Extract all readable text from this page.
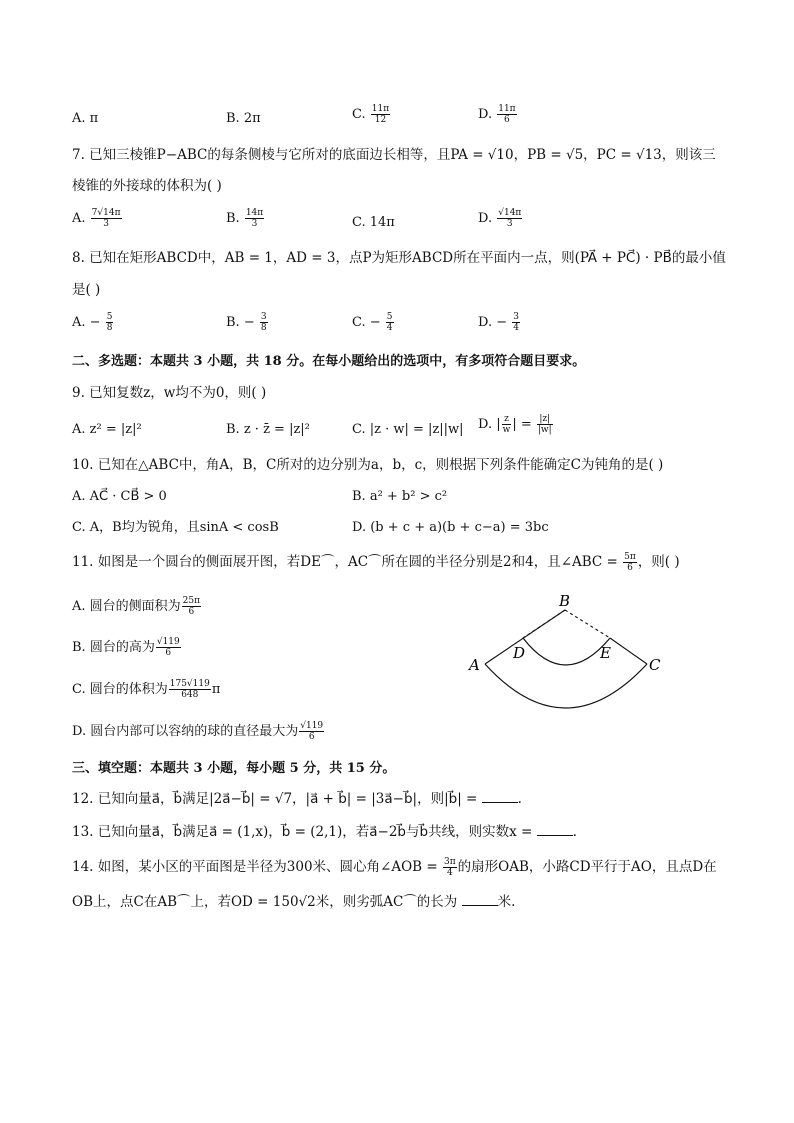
A. π	B. 2π	C. $\frac{11\pi}{12}$	D. $\frac{11\pi}{6}$
7. 已知三棱锥P−ABC的每条侧棱与它所对的底面边长相等，且PA = √10，PB = √5，PC = √13，则该三
棱锥的外接球的体积为( )
A. $\frac{7√14\pi}{3}$	B. $\frac{14\pi}{3}$	C. 14π	D. $\frac{√14\pi}{3}$
8. 已知在矩形ABCD中，AB = 1，AD = 3，点P为矩形ABCD所在平面内一点，则(PA⃗ + PC⃗) · PB⃗的最小值
是( )
A. − $\frac{5}{8}$	B. − $\frac{3}{8}$	C. − $\frac{5}{4}$	D. − $\frac{3}{4}$
二、多选题：本题共 3 小题，共 18 分。在每小题给出的选项中，有多项符合题目要求。
9. 已知复数z，w均不为0，则( )
A. z² = |z|²	B. z · z̄ = |z|²	C. |z · w| = |z||w| D. | $\frac{z}{w}$ | = $\frac{|z|}{|w|}$
10. 已知在△ABC中，角A，B，C所对的边分别为a，b，c，则根据下列条件能确定C为钝角的是( )
A. AC⃗ · CB⃗ > 0	B. a² + b² > c²
C. A，B均为锐角，且sinA < cosB	D. (b + c + a)(b + c−a) = 3bc
11. 如图是一个圆台的侧面展开图，若DE⌒，AC⌒所在圆的半径分别是2和4，且∠ABC = $\frac{5\pi}{6}$ ，则( )
A. 圆台的侧面积为 $\frac{25\pi}{6}$
B. 圆台的高为 $\frac{√119}{6}$
C. 圆台的体积为 $\frac{175√119}{648}$ π
D. 圆台内部可以容纳的球的直径最大为 $\frac{√119}{6}$
B
A	C
D	E
三、填空题：本题共 3 小题，每小题 5 分，共 15 分。
12. 已知向量a⃗，b⃗满足|2a⃗−b⃗| = √7，|a⃗ + b⃗| = |3a⃗−b⃗|，则|b⃗| =	.
13. 已知向量a⃗，b⃗满足a⃗ = (1,x)，b⃗ = (2,1)，若a⃗−2b⃗与b⃗共线，则实数x =	.
14. 如图，某小区的平面图是半径为300米、圆心角∠AOB = $\frac{3\pi}{4}$ 的扇形OAB，小路CD平行于AO，且点D在
OB上，点C在AB⌒上，若OD = 150√2米，则劣弧AC⌒的长为	米.
